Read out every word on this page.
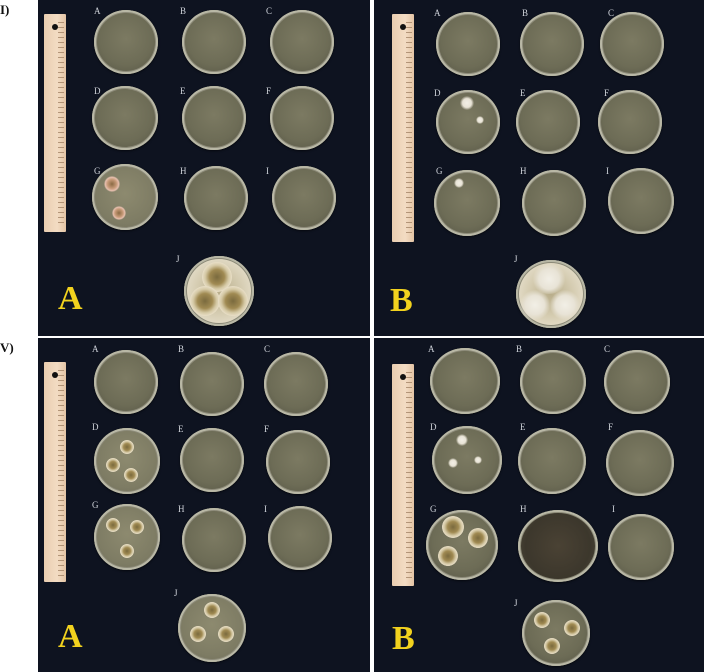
I)
V)
A	B	C
D	E	F
G	H	I
J
A
A	B	C
D	E	F
G	H	I
J
B
A	B	C
D	E	F
G	H	I
J
A
A	B	C
D	E	F
G	H	I
J
B
